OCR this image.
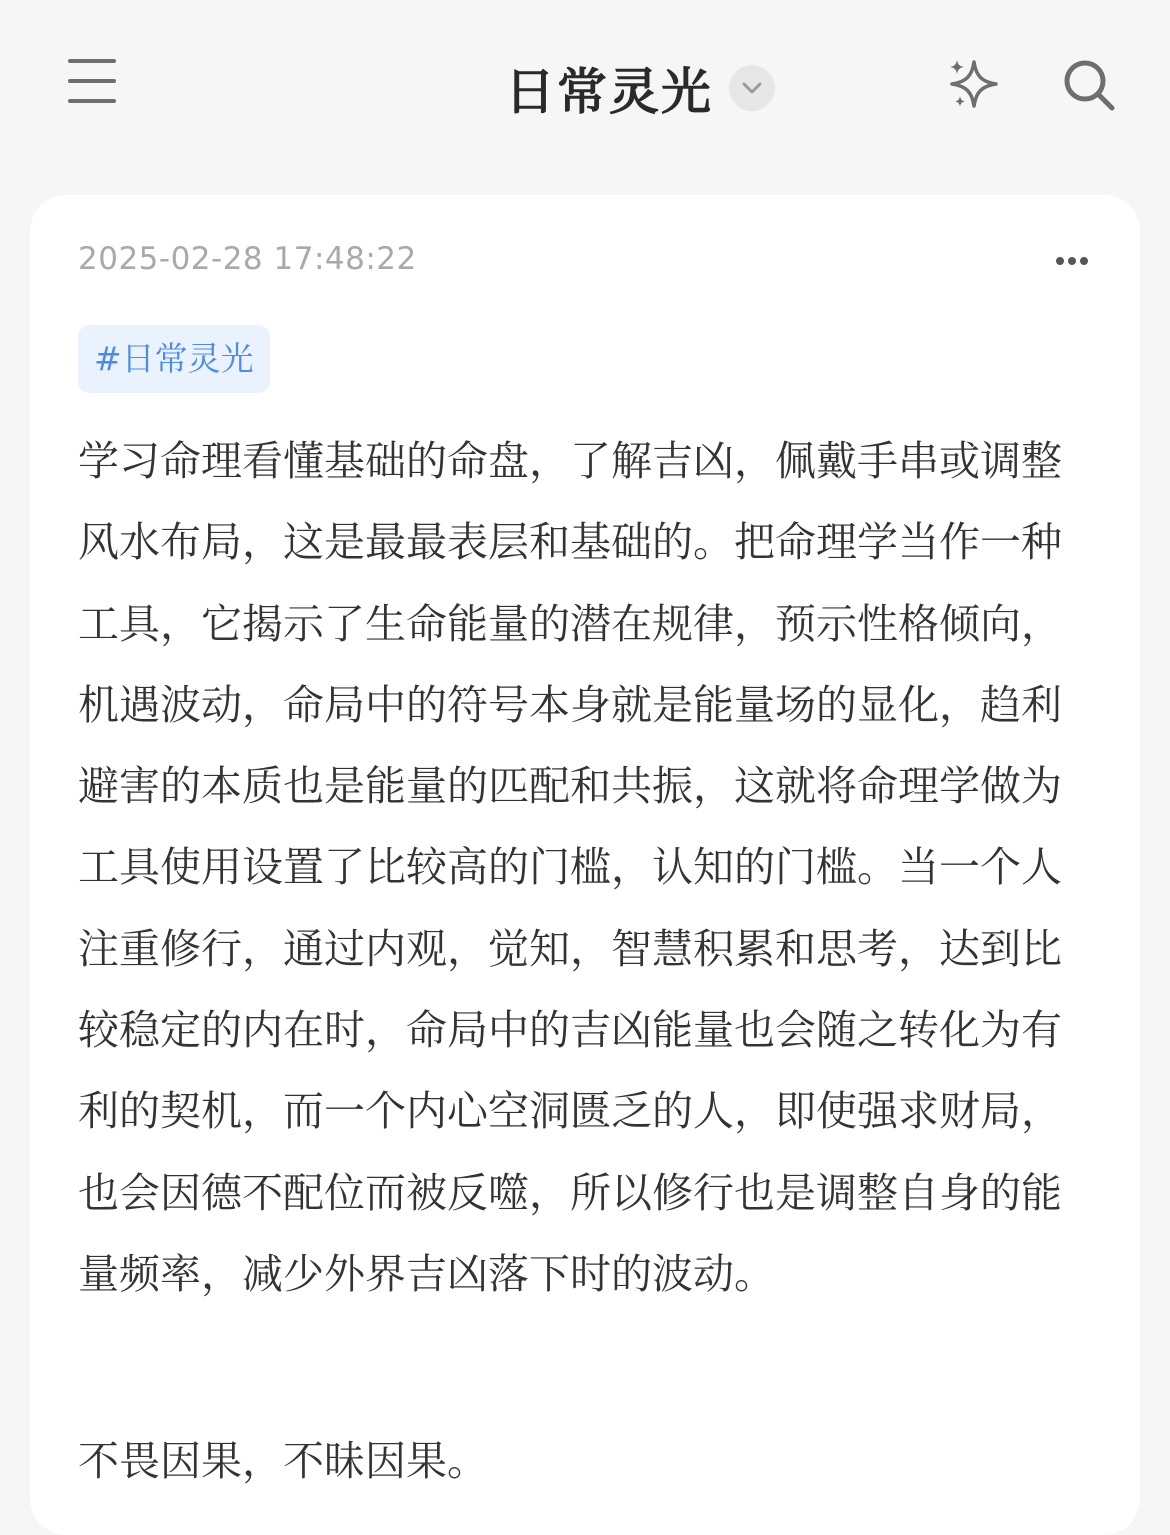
日常灵光
2025-02-28 17:48:22
#日常灵光

学习命理看懂基础的命盘，了解吉凶，佩戴手串或调整风水布局，这是最最表层和基础的。把命理学当作一种工具，它揭示了生命能量的潜在规律，预示性格倾向，机遇波动，命局中的符号本身就是能量场的显化，趋利避害的本质也是能量的匹配和共振，这就将命理学做为工具使用设置了比较高的门槛，认知的门槛。当一个人注重修行，通过内观，觉知，智慧积累和思考，达到比较稳定的内在时，命局中的吉凶能量也会随之转化为有利的契机，而一个内心空洞匮乏的人，即使强求财局，也会因德不配位而被反噬，所以修行也是调整自身的能量频率，减少外界吉凶落下时的波动。

不畏因果，不昧因果。
